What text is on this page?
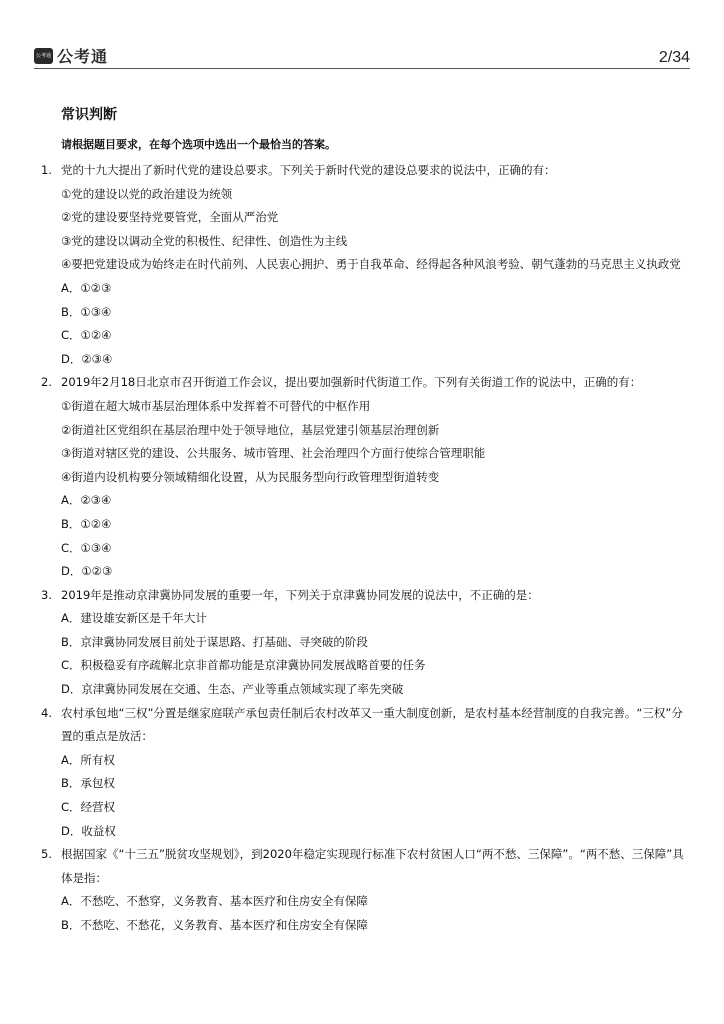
公考通 公考通	2/34
常识判断
请根据题目要求，在每个选项中选出一个最恰当的答案。
1. 党的十九大提出了新时代党的建设总要求。下列关于新时代党的建设总要求的说法中，正确的有：
①党的建设以党的政治建设为统领
②党的建设要坚持党要管党，全面从严治党
③党的建设以调动全党的积极性、纪律性、创造性为主线
④要把党建设成为始终走在时代前列、人民衷心拥护、勇于自我革命、经得起各种风浪考验、朝气蓬勃的马克思主义执政党
A．①②③
B．①③④
C．①②④
D．②③④
2. 2019年2月18日北京市召开街道工作会议，提出要加强新时代街道工作。下列有关街道工作的说法中，正确的有：
①街道在超大城市基层治理体系中发挥着不可替代的中枢作用
②街道社区党组织在基层治理中处于领导地位，基层党建引领基层治理创新
③街道对辖区党的建设、公共服务、城市管理、社会治理四个方面行使综合管理职能
④街道内设机构要分领域精细化设置，从为民服务型向行政管理型街道转变
A．②③④
B．①②④
C．①③④
D．①②③
3. 2019年是推动京津冀协同发展的重要一年，下列关于京津冀协同发展的说法中，不正确的是：
A．建设雄安新区是千年大计
B．京津冀协同发展目前处于谋思路、打基础、寻突破的阶段
C．积极稳妥有序疏解北京非首都功能是京津冀协同发展战略首要的任务
D．京津冀协同发展在交通、生态、产业等重点领域实现了率先突破
4. 农村承包地“三权”分置是继家庭联产承包责任制后农村改革又一重大制度创新，是农村基本经营制度的自我完善。“三权”分置的重点是放活：
A．所有权
B．承包权
C．经营权
D．收益权
5. 根据国家《“十三五”脱贫攻坚规划》，到2020年稳定实现现行标准下农村贫困人口“两不愁、三保障”。“两不愁、三保障”具体是指：
A．不愁吃、不愁穿，义务教育、基本医疗和住房安全有保障
B．不愁吃、不愁花，义务教育、基本医疗和住房安全有保障
